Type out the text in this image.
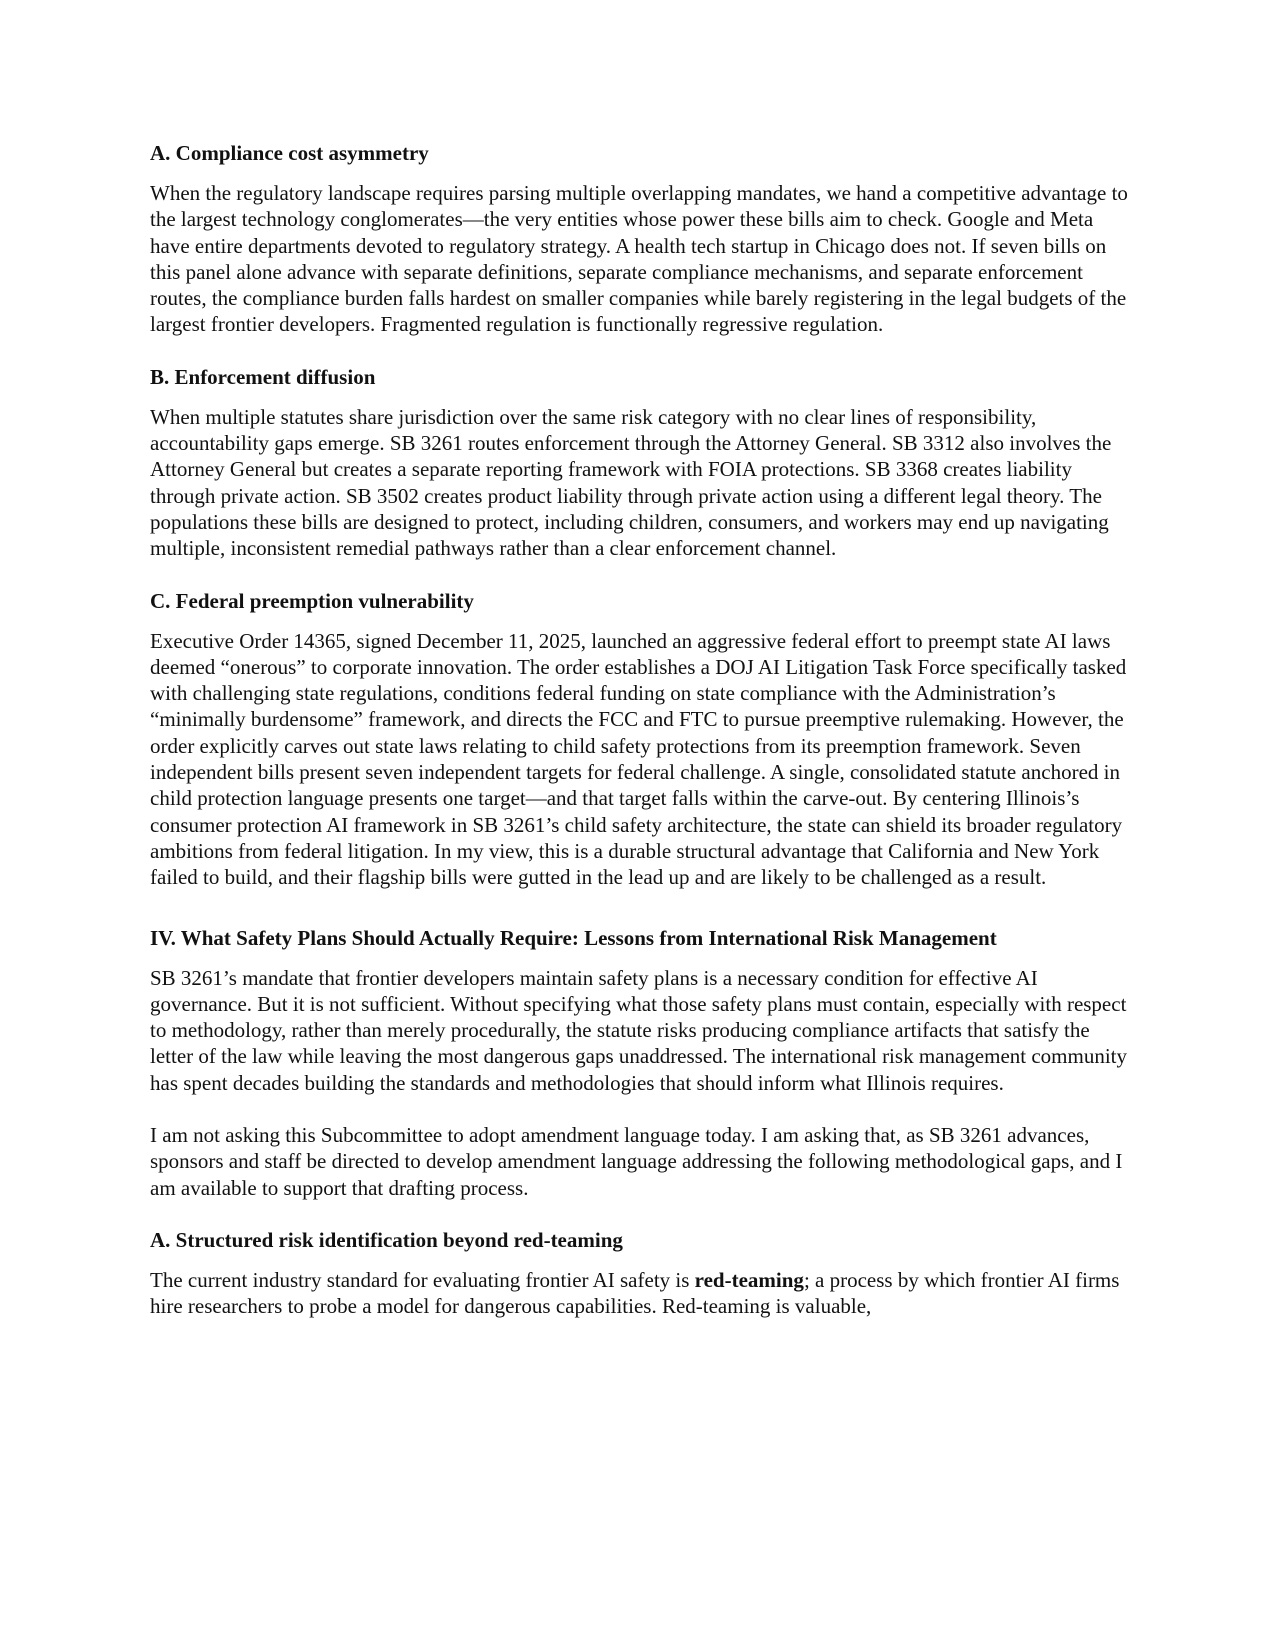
A. Compliance cost asymmetry

When the regulatory landscape requires parsing multiple overlapping mandates, we hand a competitive advantage to the largest technology conglomerates—the very entities whose power these bills aim to check. Google and Meta have entire departments devoted to regulatory strategy. A health tech startup in Chicago does not. If seven bills on this panel alone advance with separate definitions, separate compliance mechanisms, and separate enforcement routes, the compliance burden falls hardest on smaller companies while barely registering in the legal budgets of the largest frontier developers. Fragmented regulation is functionally regressive regulation.

B. Enforcement diffusion

When multiple statutes share jurisdiction over the same risk category with no clear lines of responsibility, accountability gaps emerge. SB 3261 routes enforcement through the Attorney General. SB 3312 also involves the Attorney General but creates a separate reporting framework with FOIA protections. SB 3368 creates liability through private action. SB 3502 creates product liability through private action using a different legal theory. The populations these bills are designed to protect, including children, consumers, and workers may end up navigating multiple, inconsistent remedial pathways rather than a clear enforcement channel.

C. Federal preemption vulnerability

Executive Order 14365, signed December 11, 2025, launched an aggressive federal effort to preempt state AI laws deemed “onerous” to corporate innovation. The order establishes a DOJ AI Litigation Task Force specifically tasked with challenging state regulations, conditions federal funding on state compliance with the Administration’s “minimally burdensome” framework, and directs the FCC and FTC to pursue preemptive rulemaking. However, the order explicitly carves out state laws relating to child safety protections from its preemption framework. Seven independent bills present seven independent targets for federal challenge. A single, consolidated statute anchored in child protection language presents one target—and that target falls within the carve-out. By centering Illinois’s consumer protection AI framework in SB 3261’s child safety architecture, the state can shield its broader regulatory ambitions from federal litigation. In my view, this is a durable structural advantage that California and New York failed to build, and their flagship bills were gutted in the lead up and are likely to be challenged as a result.

IV. What Safety Plans Should Actually Require: Lessons from International Risk Management

SB 3261’s mandate that frontier developers maintain safety plans is a necessary condition for effective AI governance. But it is not sufficient. Without specifying what those safety plans must contain, especially with respect to methodology, rather than merely procedurally, the statute risks producing compliance artifacts that satisfy the letter of the law while leaving the most dangerous gaps unaddressed. The international risk management community has spent decades building the standards and methodologies that should inform what Illinois requires.

I am not asking this Subcommittee to adopt amendment language today. I am asking that, as SB 3261 advances, sponsors and staff be directed to develop amendment language addressing the following methodological gaps, and I am available to support that drafting process.

A. Structured risk identification beyond red-teaming

The current industry standard for evaluating frontier AI safety is red-teaming; a process by which frontier AI firms hire researchers to probe a model for dangerous capabilities. Red-teaming is valuable,
